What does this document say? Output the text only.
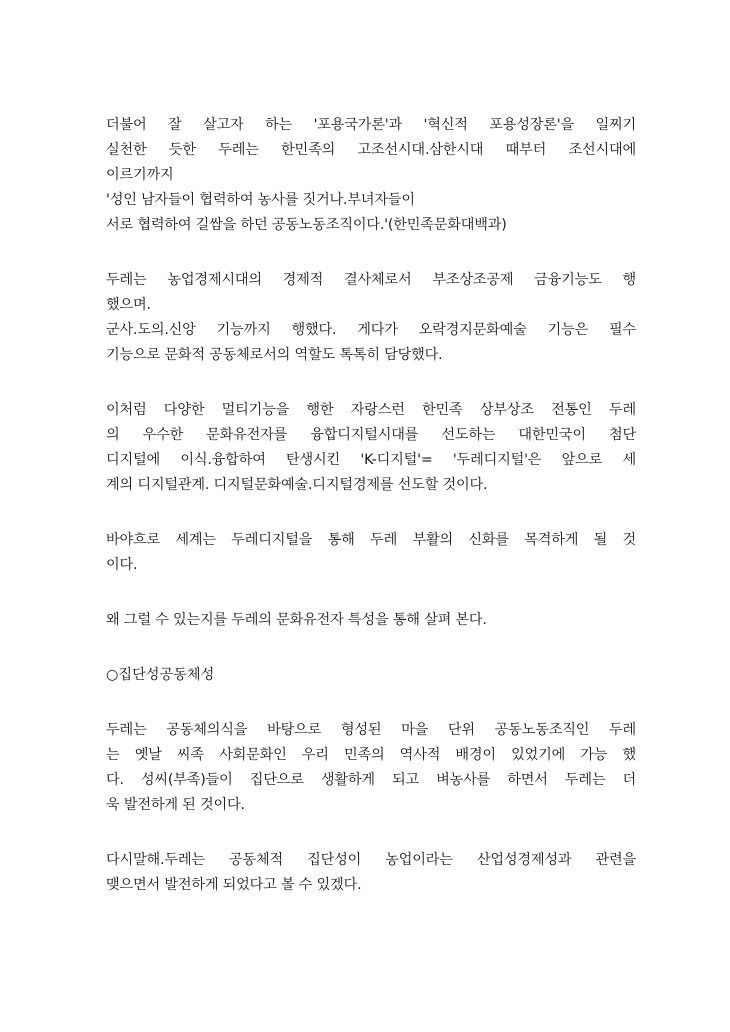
더불어 잘 살고자 하는 '포용국가론'과 '혁신적 포용성장론'을 일찌기
실천한 듯한 두레는 한민족의 고조선시대.삼한시대 때부터 조선시대에
이르기까지
'성인 남자들이 협력하여 농사를 짓거나.부녀자들이
서로 협력하여 길쌈을 하던 공동노동조직이다.'(한민족문화대백과)
두레는 농업경제시대의 경제적 결사체로서 부조상조공제 금융기능도 행
했으며.
군사.도의.신앙 기능까지 행했다. 게다가 오락경지문화예술 기능은 필수
기능으로 문화적 공동체로서의 역할도 톡톡히 담당했다.
이처럼 다양한 멀티기능을 행한 자랑스런 한민족 상부상조 전통인 두레
의 우수한 문화유전자를 융합디지털시대를 선도하는 대한민국이 첨단
디지털에 이식.융합하여 탄생시킨 'K-디지털'= '두레디지털'은 앞으로 세
계의 디지털관계. 디지털문화예술.디지털경제를 선도할 것이다.
바야흐로 세계는 두레디지털을 통해 두레 부활의 신화를 목격하게 될 것
이다.
왜 그럴 수 있는지를 두레의 문화유전자 특성을 통해 살펴 본다.
○집단성공동체성
두레는 공동체의식을 바탕으로 형성된 마을 단위 공동노동조직인 두레
는 옛날 씨족 사회문화인 우리 민족의 역사적 배경이 있었기에 가능 했
다. 성씨(부족)들이 집단으로 생활하게 되고 벼농사를 하면서 두레는 더
욱 발전하게 된 것이다.
다시말해.두레는 공동체적 집단성이 농업이라는 산업성경제성과 관련을
맺으면서 발전하게 되었다고 볼 수 있겠다.
